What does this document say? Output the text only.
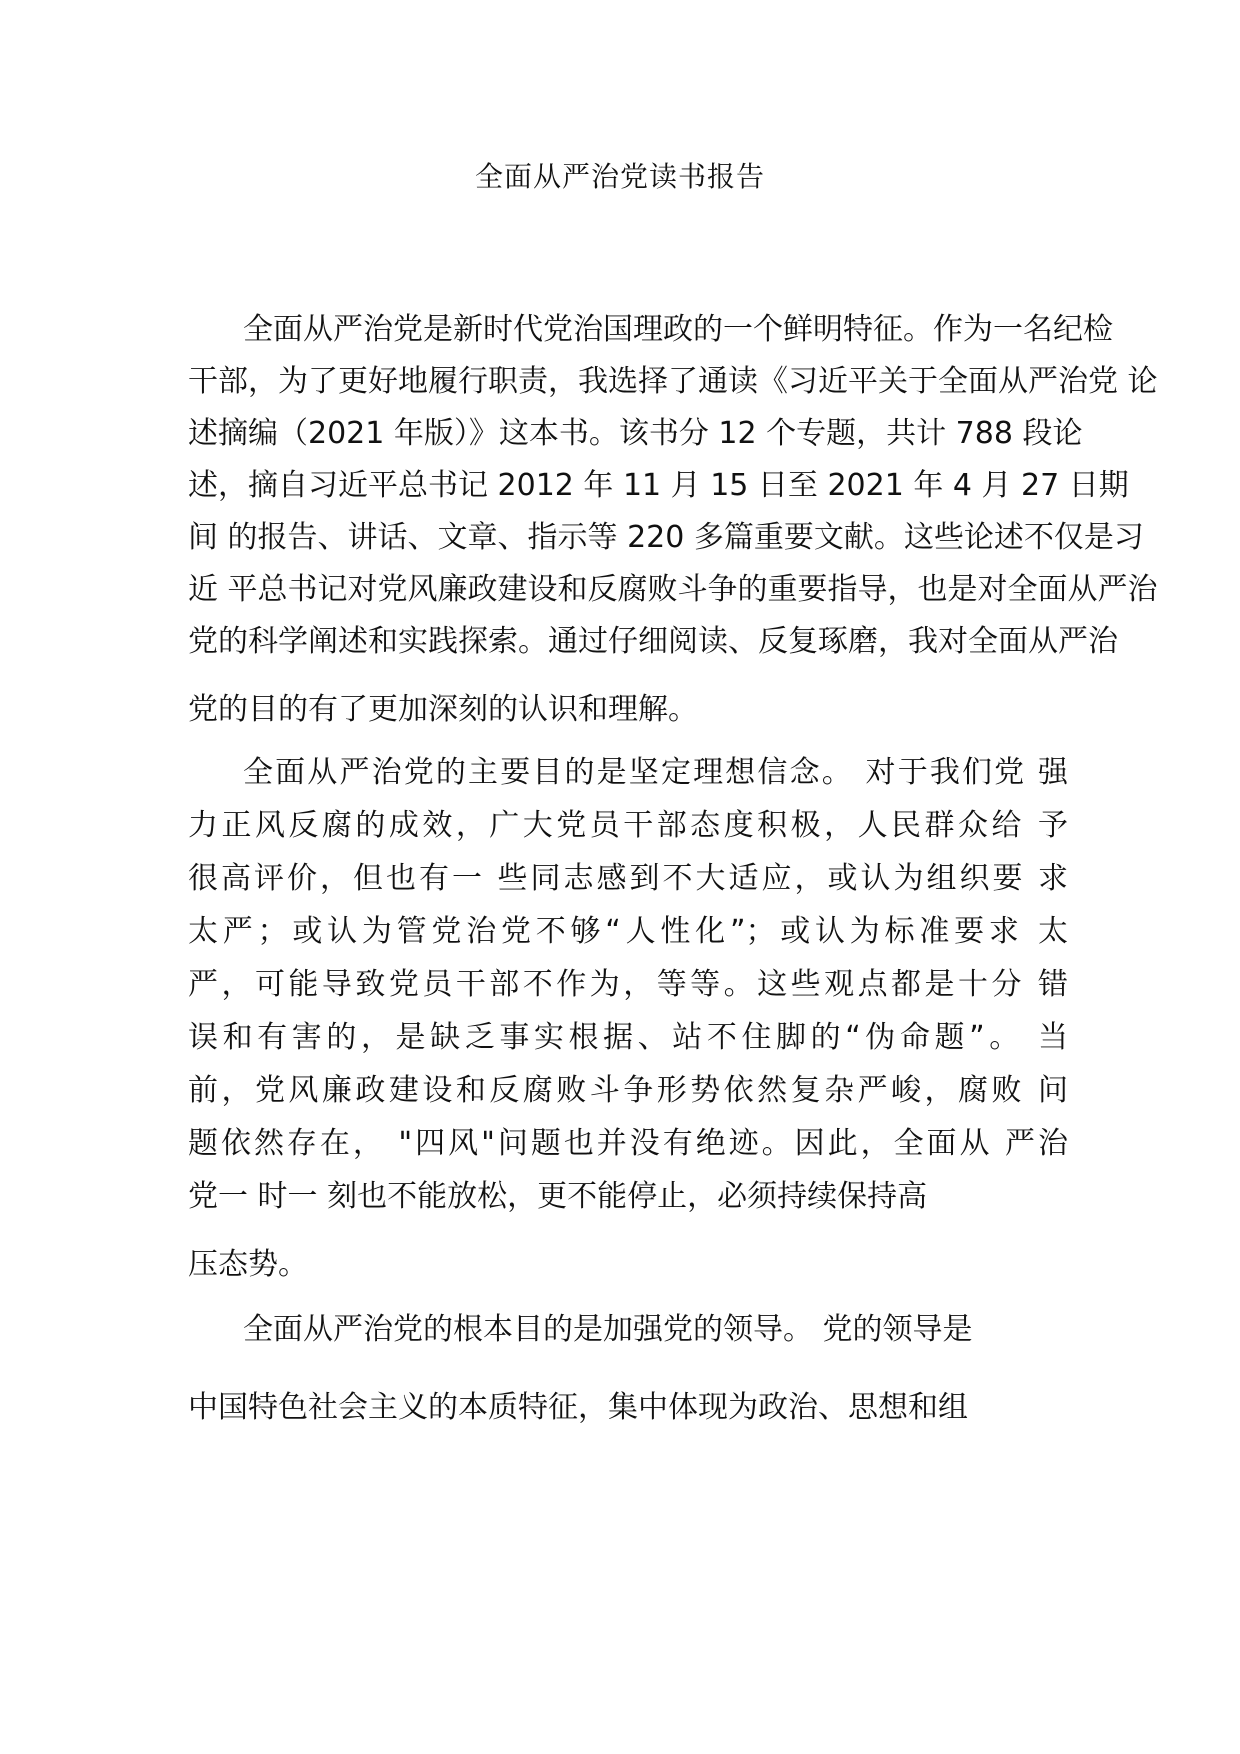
全面从严治党读书报告
全面从严治党是新时代党治国理政的一个鲜明特征。作为一名纪检
干部，为了更好地履行职责，我选择了通读《习近平关于全面从严治党 论
述摘编（2021 年版）》这本书。该书分 12 个专题，共计 788 段论
述，摘自习近平总书记 2012 年 11 月 15 日至 2021 年 4 月 27 日期
间 的报告、讲话、文章、指示等 220 多篇重要文献。这些论述不仅是习
近 平总书记对党风廉政建设和反腐败斗争的重要指导，也是对全面从严治
党的科学阐述和实践探索。通过仔细阅读、反复琢磨，我对全面从严治
党的目的有了更加深刻的认识和理解。
全面从严治党的主要目的是坚定理想信念。 对于我们党 强
力正风反腐的成效，广大党员干部态度积极，人民群众给 予
很高评价，但也有一 些同志感到不大适应，或认为组织要 求
太严；或认为管党治党不够“人性化”；或认为标准要求 太
严，可能导致党员干部不作为，等等。这些观点都是十分 错
误和有害的，是缺乏事实根据、站不住脚的“伪命题”。 当
前，党风廉政建设和反腐败斗争形势依然复杂严峻，腐败 问
题依然存在， "四风"问题也并没有绝迹。因此，全面从 严治
党一 时一 刻也不能放松，更不能停止，必须持续保持高
压态势。
全面从严治党的根本目的是加强党的领导。 党的领导是
中国特色社会主义的本质特征，集中体现为政治、思想和组
